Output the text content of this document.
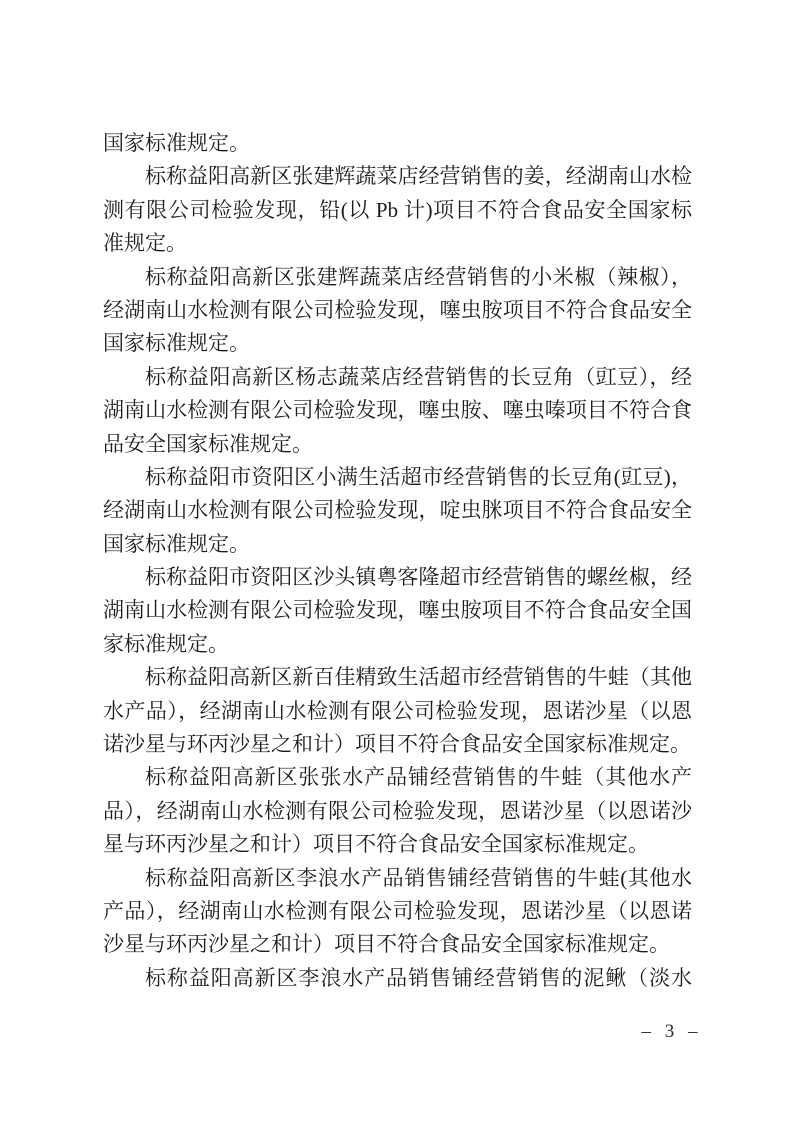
国家标准规定。
标称益阳高新区张建辉蔬菜店经营销售的姜，经湖南山水检
测有限公司检验发现，铅(以 Pb 计)项目不符合食品安全国家标
准规定。
标称益阳高新区张建辉蔬菜店经营销售的小米椒（辣椒），
经湖南山水检测有限公司检验发现，噻虫胺项目不符合食品安全
国家标准规定。
标称益阳高新区杨志蔬菜店经营销售的长豆角（豇豆），经
湖南山水检测有限公司检验发现，噻虫胺、噻虫嗪项目不符合食
品安全国家标准规定。
标称益阳市资阳区小满生活超市经营销售的长豆角(豇豆)，
经湖南山水检测有限公司检验发现，啶虫脒项目不符合食品安全
国家标准规定。
标称益阳市资阳区沙头镇粤客隆超市经营销售的螺丝椒，经
湖南山水检测有限公司检验发现，噻虫胺项目不符合食品安全国
家标准规定。
标称益阳高新区新百佳精致生活超市经营销售的牛蛙（其他
水产品），经湖南山水检测有限公司检验发现，恩诺沙星（以恩
诺沙星与环丙沙星之和计）项目不符合食品安全国家标准规定。
标称益阳高新区张张水产品铺经营销售的牛蛙（其他水产
品），经湖南山水检测有限公司检验发现，恩诺沙星（以恩诺沙
星与环丙沙星之和计）项目不符合食品安全国家标准规定。
标称益阳高新区李浪水产品销售铺经营销售的牛蛙(其他水
产品），经湖南山水检测有限公司检验发现，恩诺沙星（以恩诺
沙星与环丙沙星之和计）项目不符合食品安全国家标准规定。
标称益阳高新区李浪水产品销售铺经营销售的泥鳅（淡水
– 3 –
